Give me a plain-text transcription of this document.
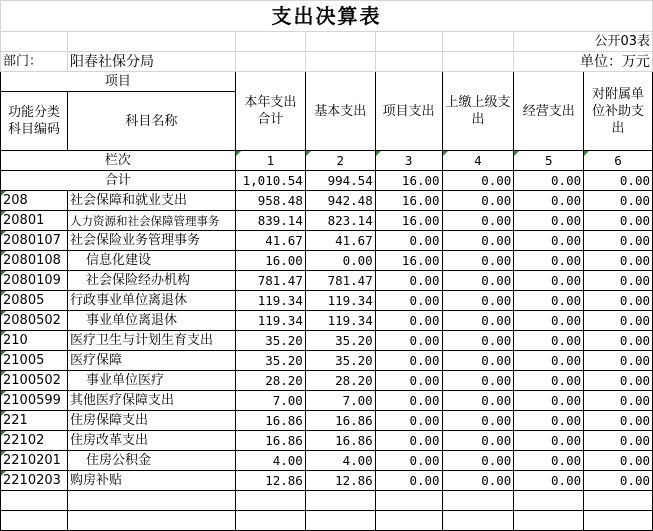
支出决算表							
						公开03表	
部门：	阳春社保分局					单位：万元	
项目		本年支出合计	基本支出	项目支出	上缴上级支出	经营支出	对附属单位补助支出
功能分类科目编码	科目名称						
栏次		1	2	3	4	5	6
合计		1,010.54	994.54	16.00	0.00	0.00	0.00
208	社会保障和就业支出	958.48	942.48	16.00	0.00	0.00	0.00
20801	人力资源和社会保障管理事务	839.14	823.14	16.00	0.00	0.00	0.00
2080107	社会保险业务管理事务	41.67	41.67	0.00	0.00	0.00	0.00
2080108	信息化建设	16.00	0.00	16.00	0.00	0.00	0.00
2080109	社会保险经办机构	781.47	781.47	0.00	0.00	0.00	0.00
20805	行政事业单位离退休	119.34	119.34	0.00	0.00	0.00	0.00
2080502	事业单位离退休	119.34	119.34	0.00	0.00	0.00	0.00
210	医疗卫生与计划生育支出	35.20	35.20	0.00	0.00	0.00	0.00
21005	医疗保障	35.20	35.20	0.00	0.00	0.00	0.00
2100502	事业单位医疗	28.20	28.20	0.00	0.00	0.00	0.00
2100599	其他医疗保障支出	7.00	7.00	0.00	0.00	0.00	0.00
221	住房保障支出	16.86	16.86	0.00	0.00	0.00	0.00
22102	住房改革支出	16.86	16.86	0.00	0.00	0.00	0.00
2210201	住房公积金	4.00	4.00	0.00	0.00	0.00	0.00
2210203	购房补贴	12.86	12.86	0.00	0.00	0.00	0.00
